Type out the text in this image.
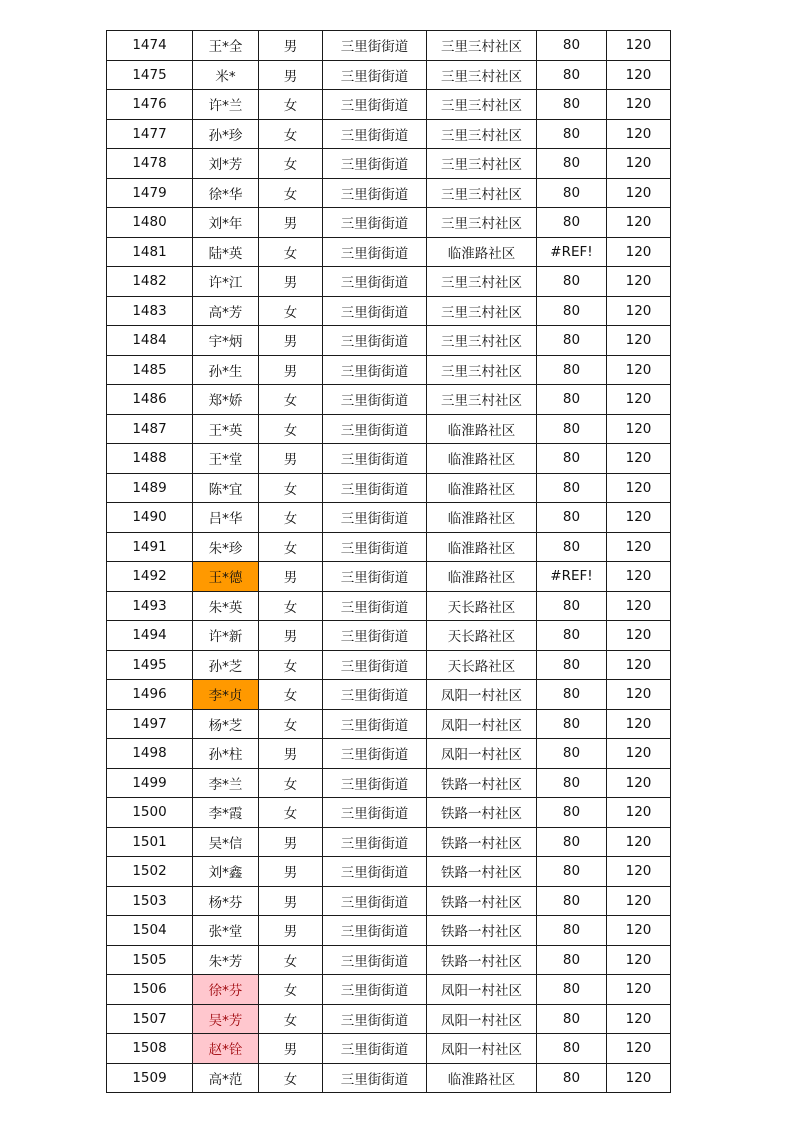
1474	王*全	男	三里街街道	三里三村社区	80	120
1475	米*	男	三里街街道	三里三村社区	80	120
1476	许*兰	女	三里街街道	三里三村社区	80	120
1477	孙*珍	女	三里街街道	三里三村社区	80	120
1478	刘*芳	女	三里街街道	三里三村社区	80	120
1479	徐*华	女	三里街街道	三里三村社区	80	120
1480	刘*年	男	三里街街道	三里三村社区	80	120
1481	陆*英	女	三里街街道	临淮路社区	#REF!	120
1482	许*江	男	三里街街道	三里三村社区	80	120
1483	高*芳	女	三里街街道	三里三村社区	80	120
1484	宇*炳	男	三里街街道	三里三村社区	80	120
1485	孙*生	男	三里街街道	三里三村社区	80	120
1486	郑*娇	女	三里街街道	三里三村社区	80	120
1487	王*英	女	三里街街道	临淮路社区	80	120
1488	王*堂	男	三里街街道	临淮路社区	80	120
1489	陈*宜	女	三里街街道	临淮路社区	80	120
1490	吕*华	女	三里街街道	临淮路社区	80	120
1491	朱*珍	女	三里街街道	临淮路社区	80	120
1492	王*德	男	三里街街道	临淮路社区	#REF!	120
1493	朱*英	女	三里街街道	天长路社区	80	120
1494	许*新	男	三里街街道	天长路社区	80	120
1495	孙*芝	女	三里街街道	天长路社区	80	120
1496	李*贞	女	三里街街道	凤阳一村社区	80	120
1497	杨*芝	女	三里街街道	凤阳一村社区	80	120
1498	孙*柱	男	三里街街道	凤阳一村社区	80	120
1499	李*兰	女	三里街街道	铁路一村社区	80	120
1500	李*霞	女	三里街街道	铁路一村社区	80	120
1501	吴*信	男	三里街街道	铁路一村社区	80	120
1502	刘*鑫	男	三里街街道	铁路一村社区	80	120
1503	杨*芬	男	三里街街道	铁路一村社区	80	120
1504	张*堂	男	三里街街道	铁路一村社区	80	120
1505	朱*芳	女	三里街街道	铁路一村社区	80	120
1506	徐*芬	女	三里街街道	凤阳一村社区	80	120
1507	吴*芳	女	三里街街道	凤阳一村社区	80	120
1508	赵*铨	男	三里街街道	凤阳一村社区	80	120
1509	高*范	女	三里街街道	临淮路社区	80	120
